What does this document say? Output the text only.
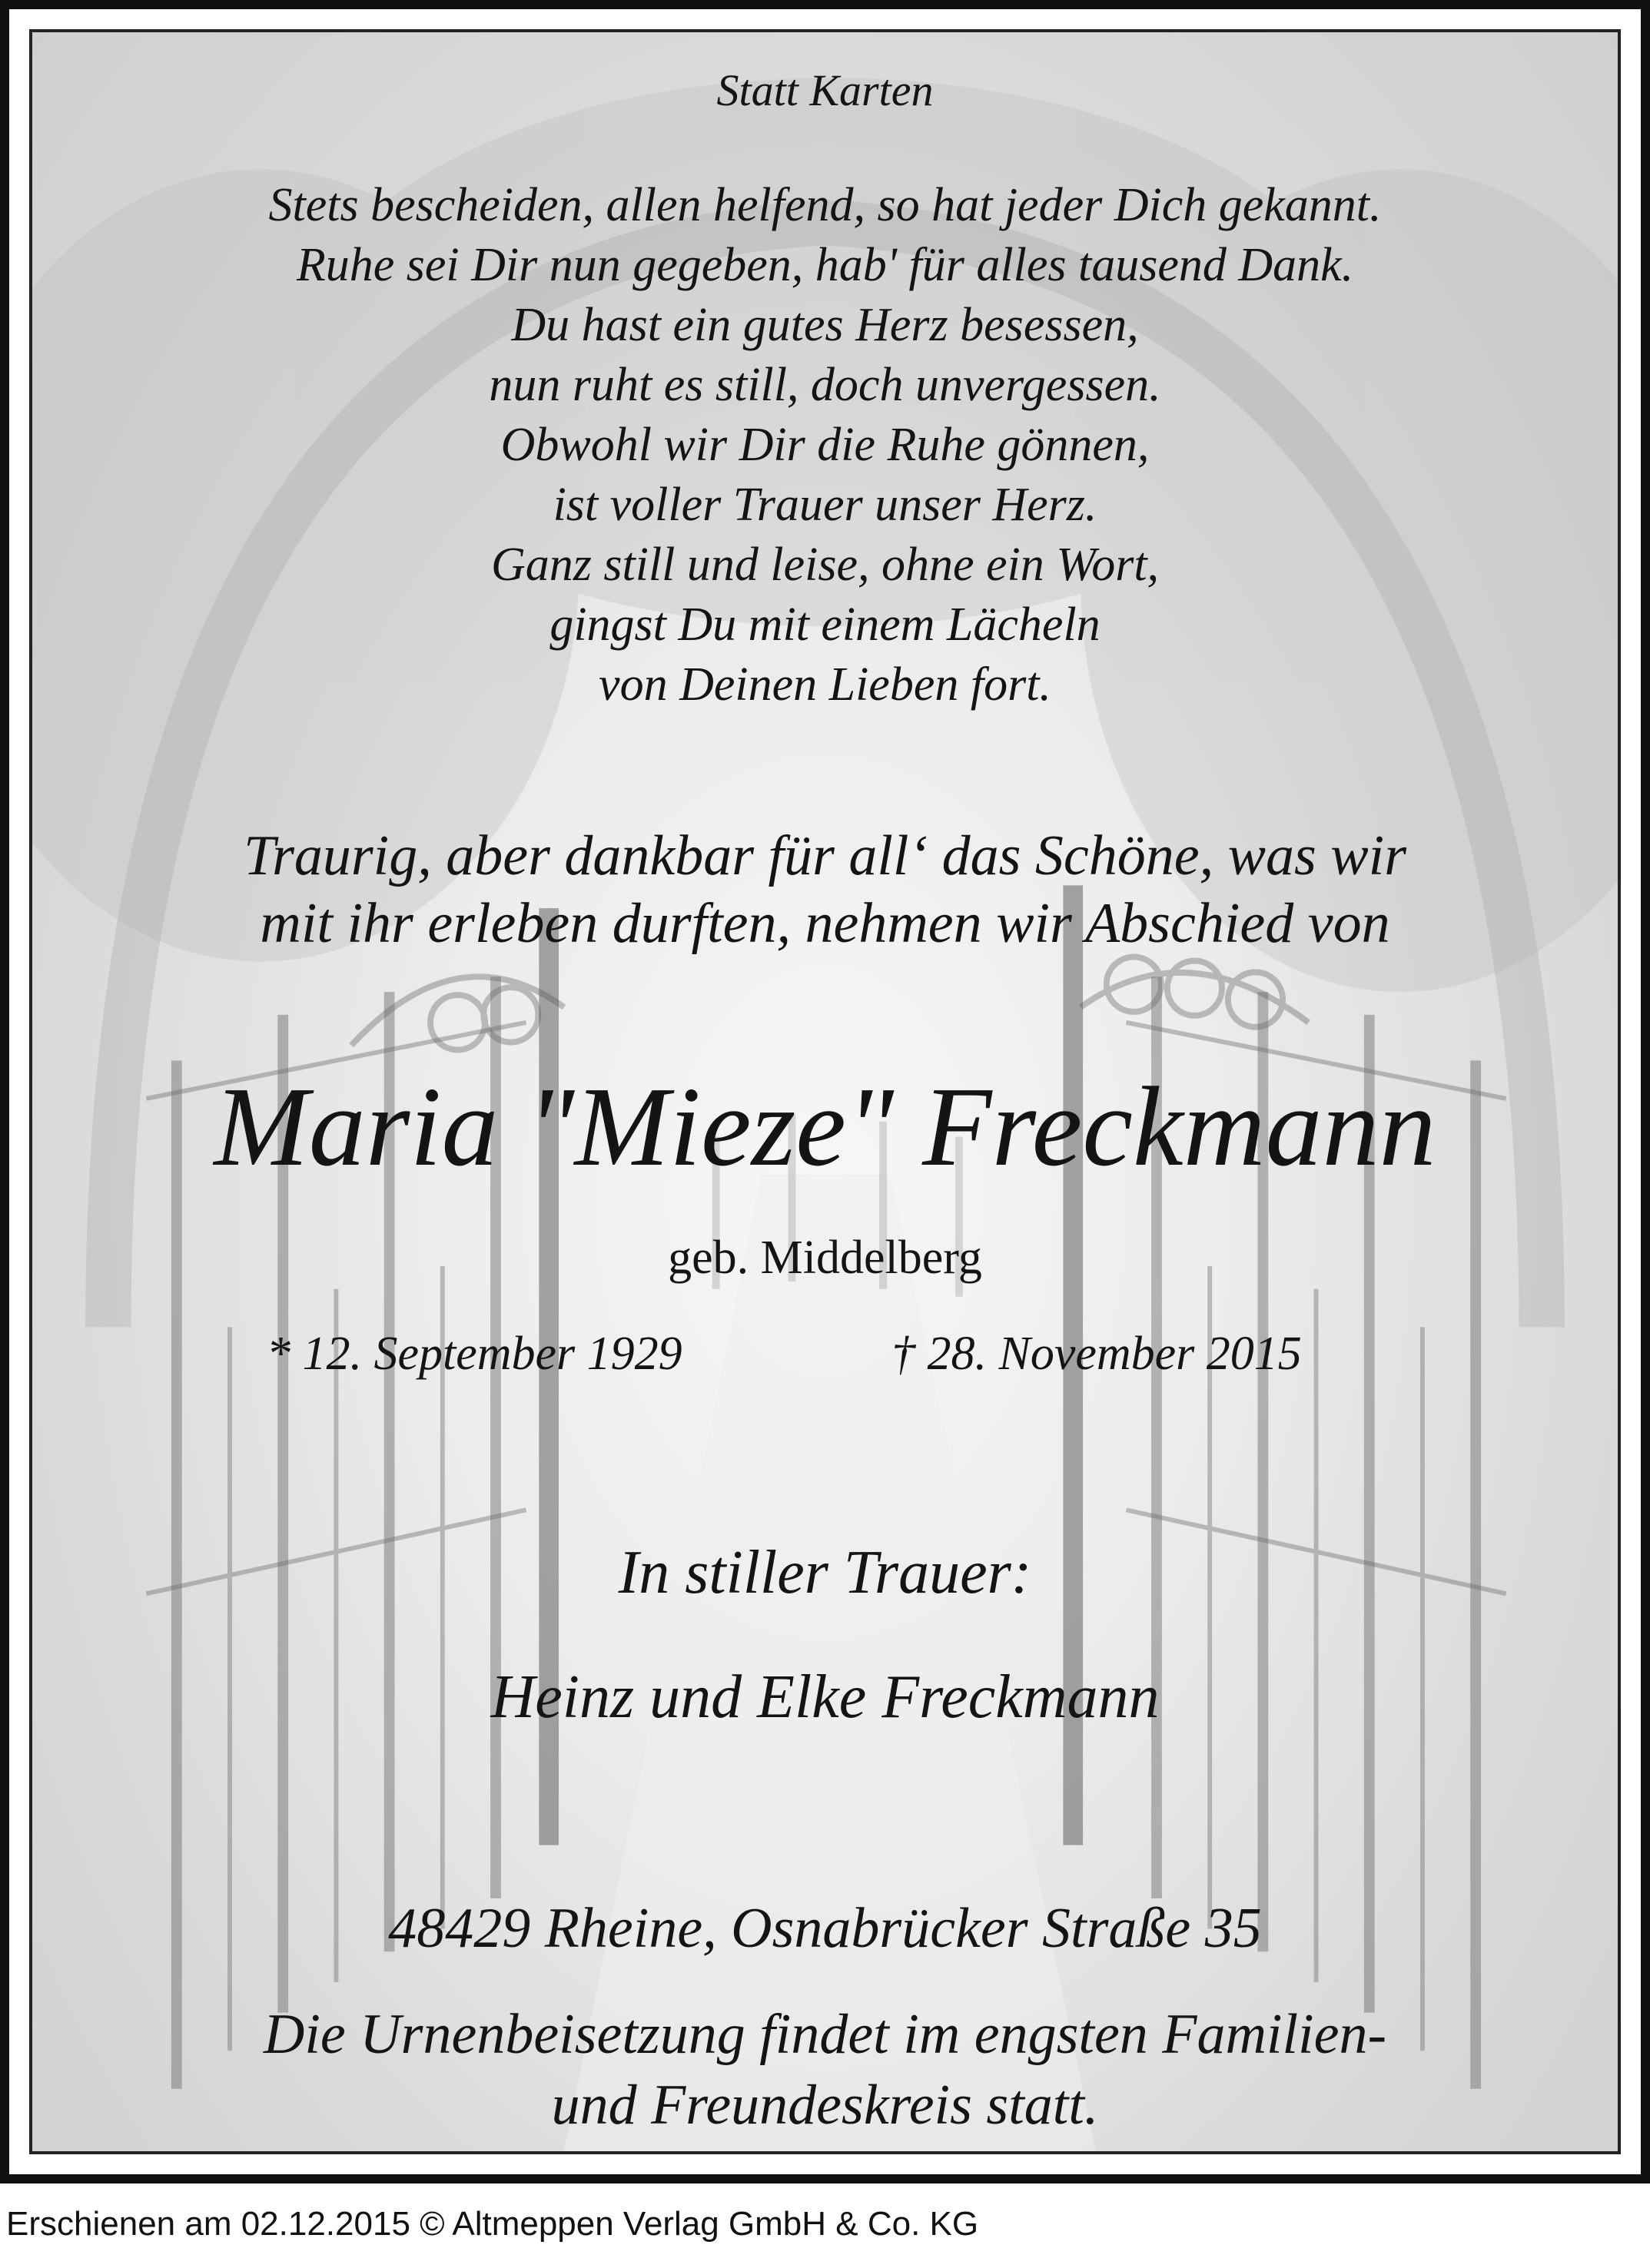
Statt Karten
Stets bescheiden, allen helfend, so hat jeder Dich gekannt.
Ruhe sei Dir nun gegeben, hab' für alles tausend Dank.
Du hast ein gutes Herz besessen,
nun ruht es still, doch unvergessen.
Obwohl wir Dir die Ruhe gönnen,
ist voller Trauer unser Herz.
Ganz still und leise, ohne ein Wort,
gingst Du mit einem Lächeln
von Deinen Lieben fort.
Traurig, aber dankbar für all‘ das Schöne, was wir
mit ihr erleben durften, nehmen wir Abschied von
Maria "Mieze" Freckmann
geb. Middelberg
* 12. September 1929	† 28. November 2015
In stiller Trauer:
Heinz und Elke Freckmann
48429 Rheine, Osnabrücker Straße 35
Die Urnenbeisetzung findet im engsten Familien-
und Freundeskreis statt.
Erschienen am 02.12.2015 © Altmeppen Verlag GmbH & Co. KG
